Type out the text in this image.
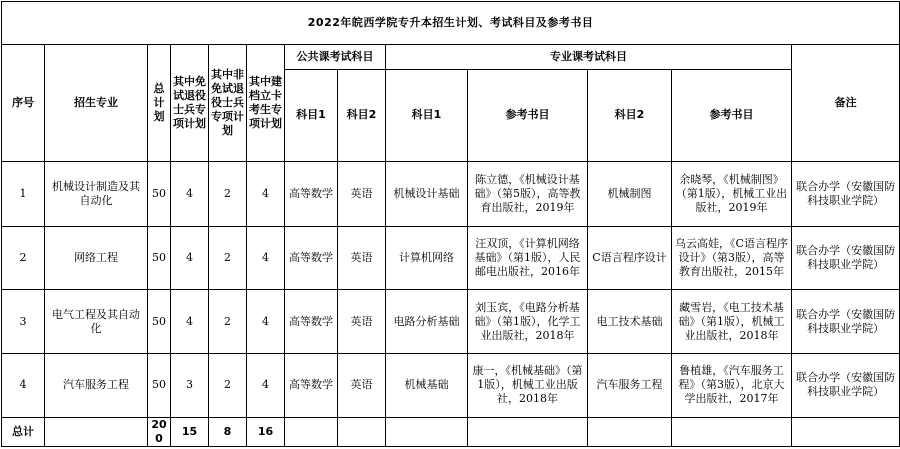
2022年皖西学院专升本招生计划、考试科目及参考书目												
序号	招生专业	总计划	其中免试退役士兵专项计划	其中非免试退役士兵专项计划	其中建档立卡考生专项计划	公共课考试科目		专业课考试科目				备注
						科目1	科目2	科目1	参考书目	科目2	参考书目	
1	机械设计制造及其自动化	50	4	2	4	高等数学	英语	机械设计基础	陈立德，《机械设计基础》（第5版），高等教育出版社，2019年	机械制图	余晓琴，《机械制图》（第1版），机械工业出版社，2019年	联合办学（安徽国防科技职业学院）
2	网络工程	50	4	2	4	高等数学	英语	计算机网络	汪双顶，《计算机网络基础》（第1版），人民邮电出版社，2016年	C语言程序设计	乌云高娃，《C语言程序设计》（第3版），高等教育出版社，2015年	联合办学（安徽国防科技职业学院）
3	电气工程及其自动化	50	4	2	4	高等数学	英语	电路分析基础	刘玉宾，《电路分析基础》（第1版），化学工业出版社，2018年	电工技术基础	藏雪岩，《电工技术基础》（第1版），机械工业出版社，2018年	联合办学（安徽国防科技职业学院）
4	汽车服务工程	50	3	2	4	高等数学	英语	机械基础	康一，《机械基础》（第1版），机械工业出版社，2018年	汽车服务工程	鲁植雄，《汽车服务工程》（第3版），北京大学出版社，2017年	联合办学（安徽国防科技职业学院）
总计		200	15	8	16							
